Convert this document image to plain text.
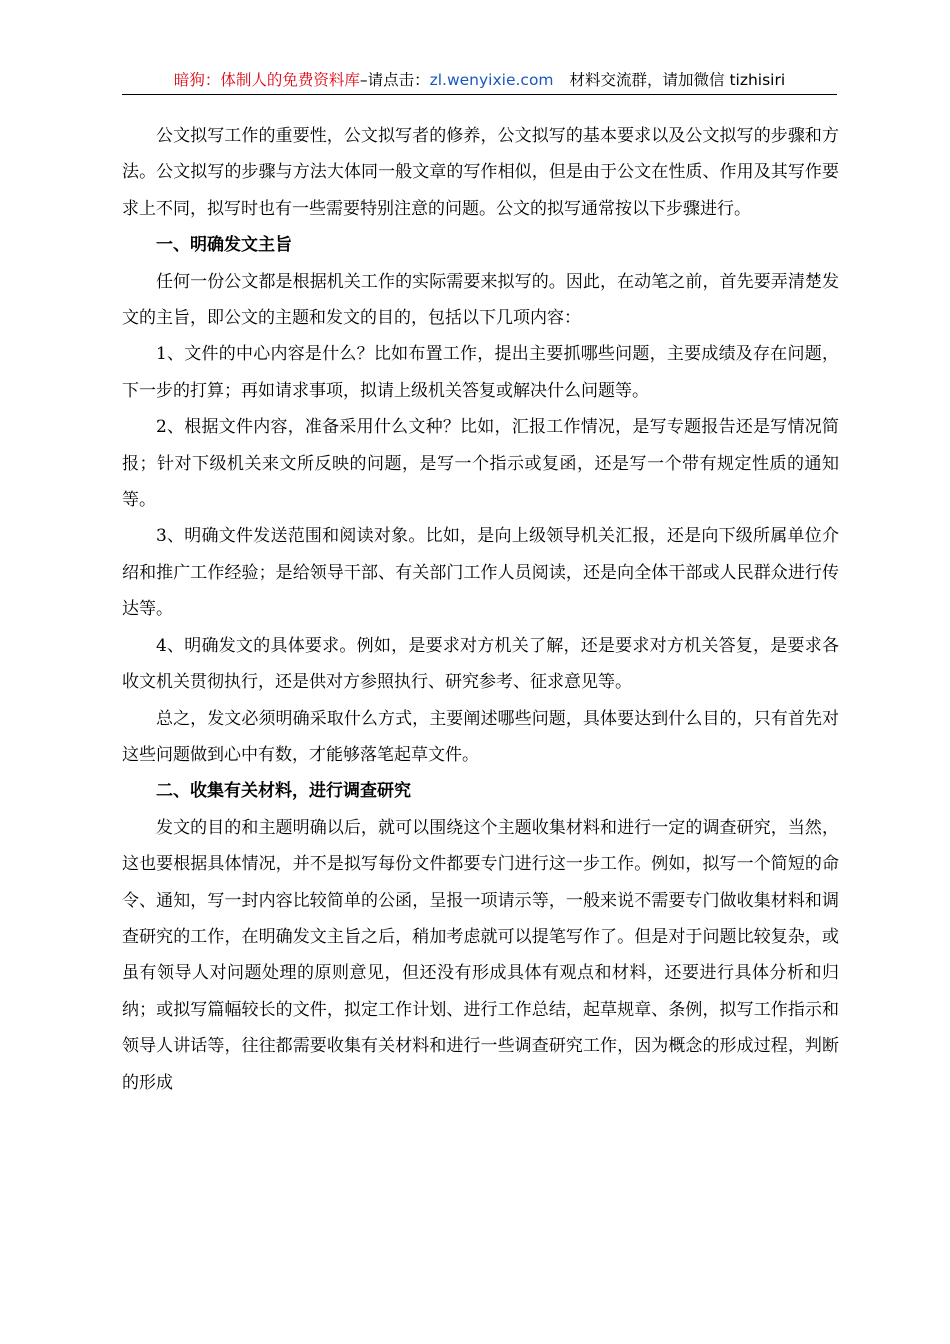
暗狗：体制人的免费资料库–请点击：zl.wenyixie.com 材料交流群，请加微信 tizhisiri

公文拟写工作的重要性，公文拟写者的修养，公文拟写的基本要求以及公文拟写的步骤和方法。公文拟写的步骤与方法大体同一般文章的写作相似，但是由于公文在性质、作用及其写作要求上不同，拟写时也有一些需要特别注意的问题。公文的拟写通常按以下步骤进行。

一、明确发文主旨

任何一份公文都是根据机关工作的实际需要来拟写的。因此，在动笔之前，首先要弄清楚发文的主旨，即公文的主题和发文的目的，包括以下几项内容：

1、文件的中心内容是什么？比如布置工作，提出主要抓哪些问题，主要成绩及存在问题，下一步的打算；再如请求事项，拟请上级机关答复或解决什么问题等。

2、根据文件内容，准备采用什么文种？比如，汇报工作情况，是写专题报告还是写情况简报；针对下级机关来文所反映的问题，是写一个指示或复函，还是写一个带有规定性质的通知等。

3、明确文件发送范围和阅读对象。比如，是向上级领导机关汇报，还是向下级所属单位介绍和推广工作经验；是给领导干部、有关部门工作人员阅读，还是向全体干部或人民群众进行传达等。

4、明确发文的具体要求。例如，是要求对方机关了解，还是要求对方机关答复，是要求各收文机关贯彻执行，还是供对方参照执行、研究参考、征求意见等。

总之，发文必须明确采取什么方式，主要阐述哪些问题，具体要达到什么目的，只有首先对这些问题做到心中有数，才能够落笔起草文件。

二、收集有关材料，进行调查研究

发文的目的和主题明确以后，就可以围绕这个主题收集材料和进行一定的调查研究，当然，这也要根据具体情况，并不是拟写每份文件都要专门进行这一步工作。例如，拟写一个简短的命令、通知，写一封内容比较简单的公函，呈报一项请示等，一般来说不需要专门做收集材料和调查研究的工作，在明确发文主旨之后，稍加考虑就可以提笔写作了。但是对于问题比较复杂，或虽有领导人对问题处理的原则意见，但还没有形成具体有观点和材料，还要进行具体分析和归纳；或拟写篇幅较长的文件，拟定工作计划、进行工作总结，起草规章、条例，拟写工作指示和领导人讲话等，往往都需要收集有关材料和进行一些调查研究工作，因为概念的形成过程，判断的形成
